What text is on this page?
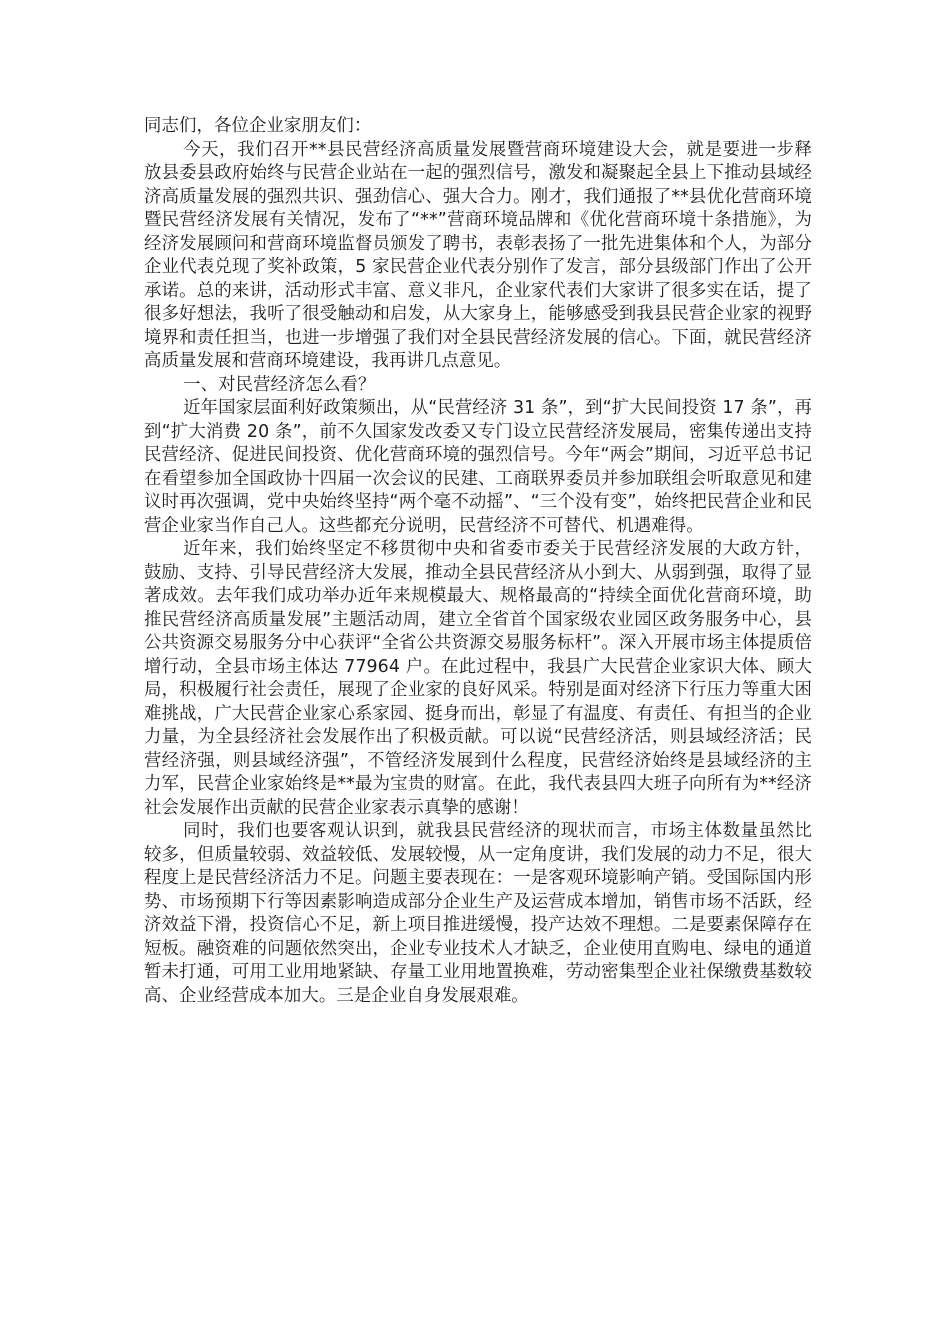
同志们，各位企业家朋友们：

今天，我们召开**县民营经济高质量发展暨营商环境建设大会，就是要进一步释放县委县政府始终与民营企业站在一起的强烈信号，激发和凝聚起全县上下推动县域经济高质量发展的强烈共识、强劲信心、强大合力。刚才，我们通报了**县优化营商环境暨民营经济发展有关情况，发布了“**”营商环境品牌和《优化营商环境十条措施》，为经济发展顾问和营商环境监督员颁发了聘书，表彰表扬了一批先进集体和个人，为部分企业代表兑现了奖补政策，5 家民营企业代表分别作了发言，部分县级部门作出了公开承诺。总的来讲，活动形式丰富、意义非凡，企业家代表们大家讲了很多实在话，提了很多好想法，我听了很受触动和启发，从大家身上，能够感受到我县民营企业家的视野境界和责任担当，也进一步增强了我们对全县民营经济发展的信心。下面，就民营经济高质量发展和营商环境建设，我再讲几点意见。

一、对民营经济怎么看？

近年国家层面利好政策频出，从“民营经济 31 条”，到“扩大民间投资 17 条”，再到“扩大消费 20 条”，前不久国家发改委又专门设立民营经济发展局，密集传递出支持民营经济、促进民间投资、优化营商环境的强烈信号。今年“两会”期间，习近平总书记在看望参加全国政协十四届一次会议的民建、工商联界委员并参加联组会听取意见和建议时再次强调，党中央始终坚持“两个毫不动摇”、“三个没有变”，始终把民营企业和民营企业家当作自己人。这些都充分说明，民营经济不可替代、机遇难得。

近年来，我们始终坚定不移贯彻中央和省委市委关于民营经济发展的大政方针，鼓励、支持、引导民营经济大发展，推动全县民营经济从小到大、从弱到强，取得了显著成效。去年我们成功举办近年来规模最大、规格最高的“持续全面优化营商环境，助推民营经济高质量发展”主题活动周，建立全省首个国家级农业园区政务服务中心，县公共资源交易服务分中心获评“全省公共资源交易服务标杆”。深入开展市场主体提质倍增行动，全县市场主体达 77964 户。在此过程中，我县广大民营企业家识大体、顾大局，积极履行社会责任，展现了企业家的良好风采。特别是面对经济下行压力等重大困难挑战，广大民营企业家心系家园、挺身而出，彰显了有温度、有责任、有担当的企业力量，为全县经济社会发展作出了积极贡献。可以说“民营经济活，则县域经济活；民营经济强，则县域经济强”，不管经济发展到什么程度，民营经济始终是县域经济的主力军，民营企业家始终是**最为宝贵的财富。在此，我代表县四大班子向所有为**经济社会发展作出贡献的民营企业家表示真挚的感谢！

同时，我们也要客观认识到，就我县民营经济的现状而言，市场主体数量虽然比较多，但质量较弱、效益较低、发展较慢，从一定角度讲，我们发展的动力不足，很大程度上是民营经济活力不足。问题主要表现在：一是客观环境影响产销。受国际国内形势、市场预期下行等因素影响造成部分企业生产及运营成本增加，销售市场不活跃，经济效益下滑，投资信心不足，新上项目推进缓慢，投产达效不理想。二是要素保障存在短板。融资难的问题依然突出，企业专业技术人才缺乏，企业使用直购电、绿电的通道暂未打通，可用工业用地紧缺、存量工业用地置换难，劳动密集型企业社保缴费基数较高、企业经营成本加大。三是企业自身发展艰难。
